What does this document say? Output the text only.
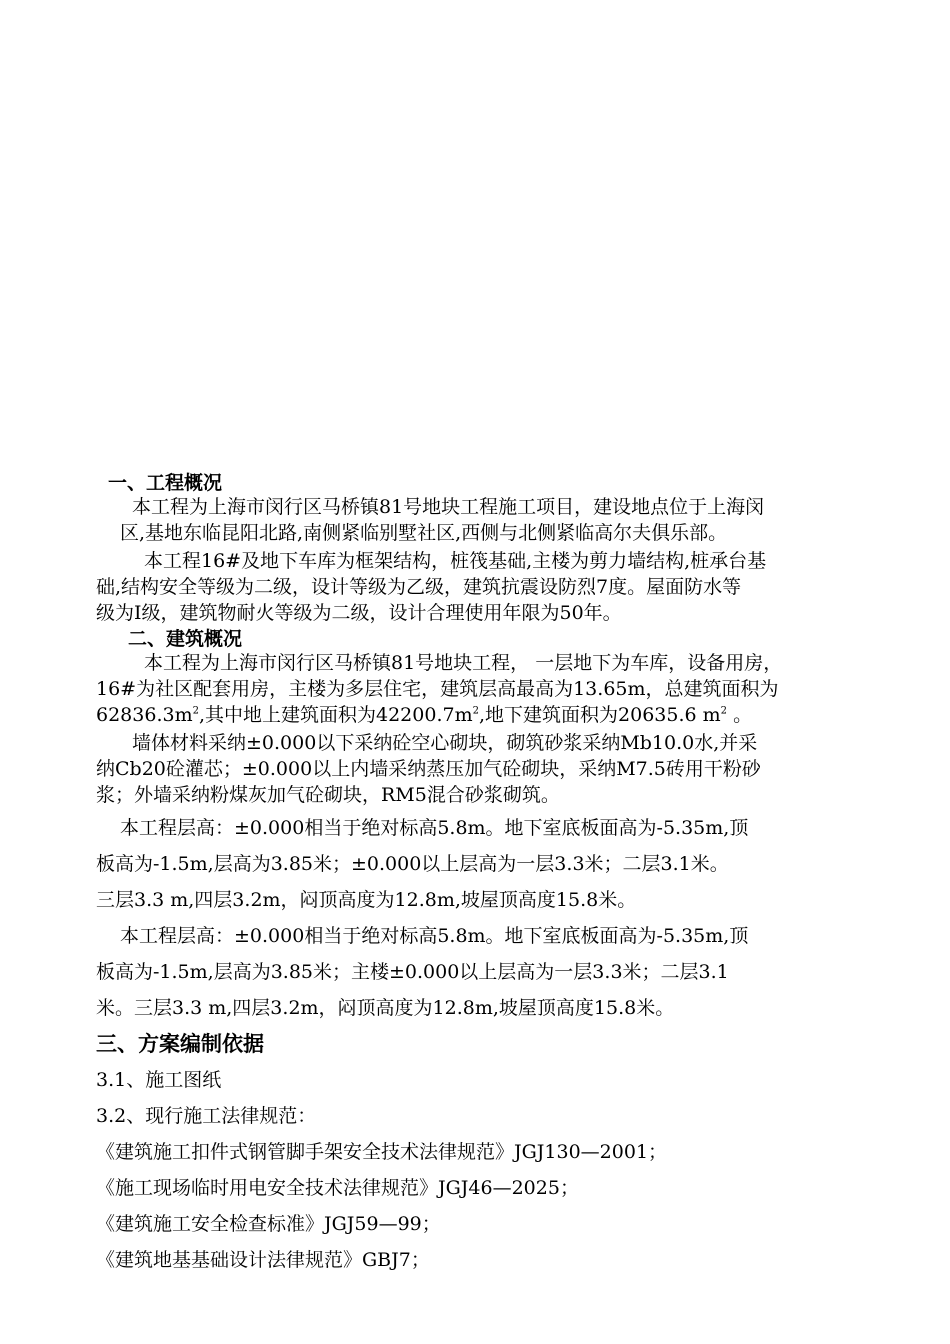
一、工程概况

本工程为上海市闵行区马桥镇81号地块工程施工项目，建设地点位于上海闵

区,基地东临昆阳北路,南侧紧临别墅社区,西侧与北侧紧临高尔夫俱乐部。

本工程16#及地下车库为框架结构，桩筏基础,主楼为剪力墙结构,桩承台基

础,结构安全等级为二级，设计等级为乙级，建筑抗震设防烈7度。屋面防水等

级为Ⅰ级，建筑物耐火等级为二级，设计合理使用年限为50年。

二、建筑概况

本工程为上海市闵行区马桥镇81号地块工程， 一层地下为车库，设备用房，

16#为社区配套用房，主楼为多层住宅，建筑层高最高为13.65m，总建筑面积为

$62836.3m^2$,其中地上建筑面积为$42200.7m^2$,地下建筑面积为20635.6 $m^2$ 。

墙体材料采纳±0.000以下采纳砼空心砌块，砌筑砂浆采纳Mb10.0水,并采

纳Cb20砼灌芯；±0.000以上内墙采纳蒸压加气砼砌块，采纳M7.5砖用干粉砂

浆；外墙采纳粉煤灰加气砼砌块，RM5混合砂浆砌筑。

本工程层高：±0.000相当于绝对标高5.8m。地下室底板面高为-5.35m,顶

板高为-1.5m,层高为3.85米；±0.000以上层高为一层3.3米；二层3.1米。

三层3.3 m,四层3.2m，闷顶高度为12.8m,坡屋顶高度15.8米。

本工程层高：±0.000相当于绝对标高5.8m。地下室底板面高为-5.35m,顶

板高为-1.5m,层高为3.85米；主楼±0.000以上层高为一层3.3米；二层3.1

米。三层3.3 m,四层3.2m，闷顶高度为12.8m,坡屋顶高度15.8米。

三、方案编制依据

3.1、施工图纸

3.2、现行施工法律规范：

《建筑施工扣件式钢管脚手架安全技术法律规范》JGJ130—2001；

《施工现场临时用电安全技术法律规范》JGJ46—2025；

《建筑施工安全检查标准》JGJ59—99；

《建筑地基基础设计法律规范》GBJ7；
